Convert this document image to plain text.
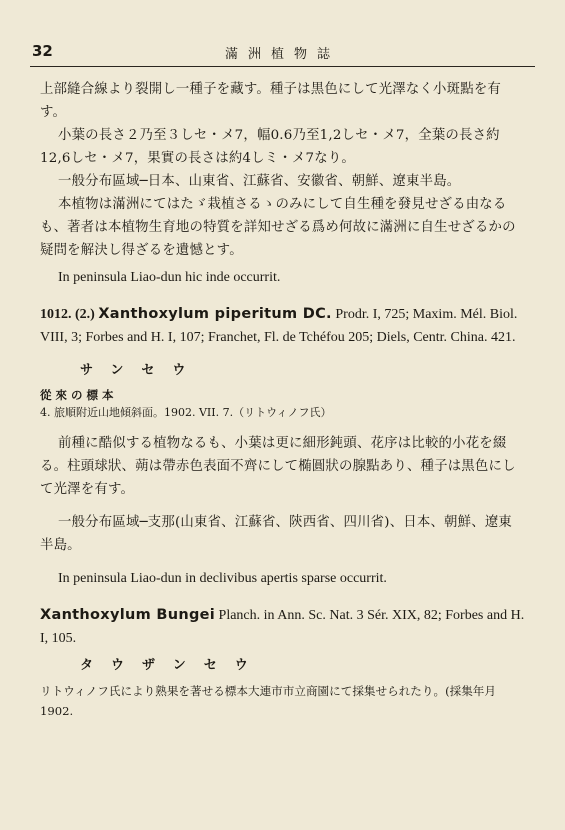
32	滿洲植物誌

上部縫合線より裂開し一種子を藏す。種子は黒色にして光澤なく小斑點を有す。

小葉の長さ２乃至３しセ・メ7，幅0.6乃至1,2しセ・メ7，全葉の長さ約12,6しセ・メ7，果實の長さは約4しミ・メ7なり。

一般分布區域─日本、山東省、江蘇省、安徽省、朝鮮、遼東半島。

本植物は滿洲にてはたゞ栽植さるゝのみにして自生種を發見せざる由なるも、著者は本植物生育地の特質を詳知せざる爲め何故に滿洲に自生せざるかの疑問を解決し得ざるを遺憾とす。

In peninsula Liao-dun hic inde occurrit.

1012. (2.) Xanthoxylum piperitum DC. Prodr. I, 725; Maxim. Mél. Biol. VIII, 3; Forbes and H. I, 107; Franchet, Fl. de Tchéfou 205; Diels, Centr. China. 421.

サンセウ

從來の標本

4. 旅順附近山地傾斜面。1902. VII. 7.（リトウィノフ氏）

前種に酷似する植物なるも、小葉は更に細形鈍頭、花序は比較的小花を綴る。柱頭球狀、蒴は帶赤色表面不齊にして椭圓狀の腺點あり、種子は黒色にして光澤を有す。

一般分布區域─支那(山東省、江蘇省、陝西省、四川省)、日本、朝鮮、遼東半島。

In peninsula Liao-dun in declivibus apertis sparse occurrit.

Xanthoxylum Bungei Planch. in Ann. Sc. Nat. 3 Sér. XIX, 82; Forbes and H. I, 105.

タウザンセウ

リトウィノフ氏により熟果を著せる標本大連市市立商園にて採集せられたり。(採集年月 1902.
